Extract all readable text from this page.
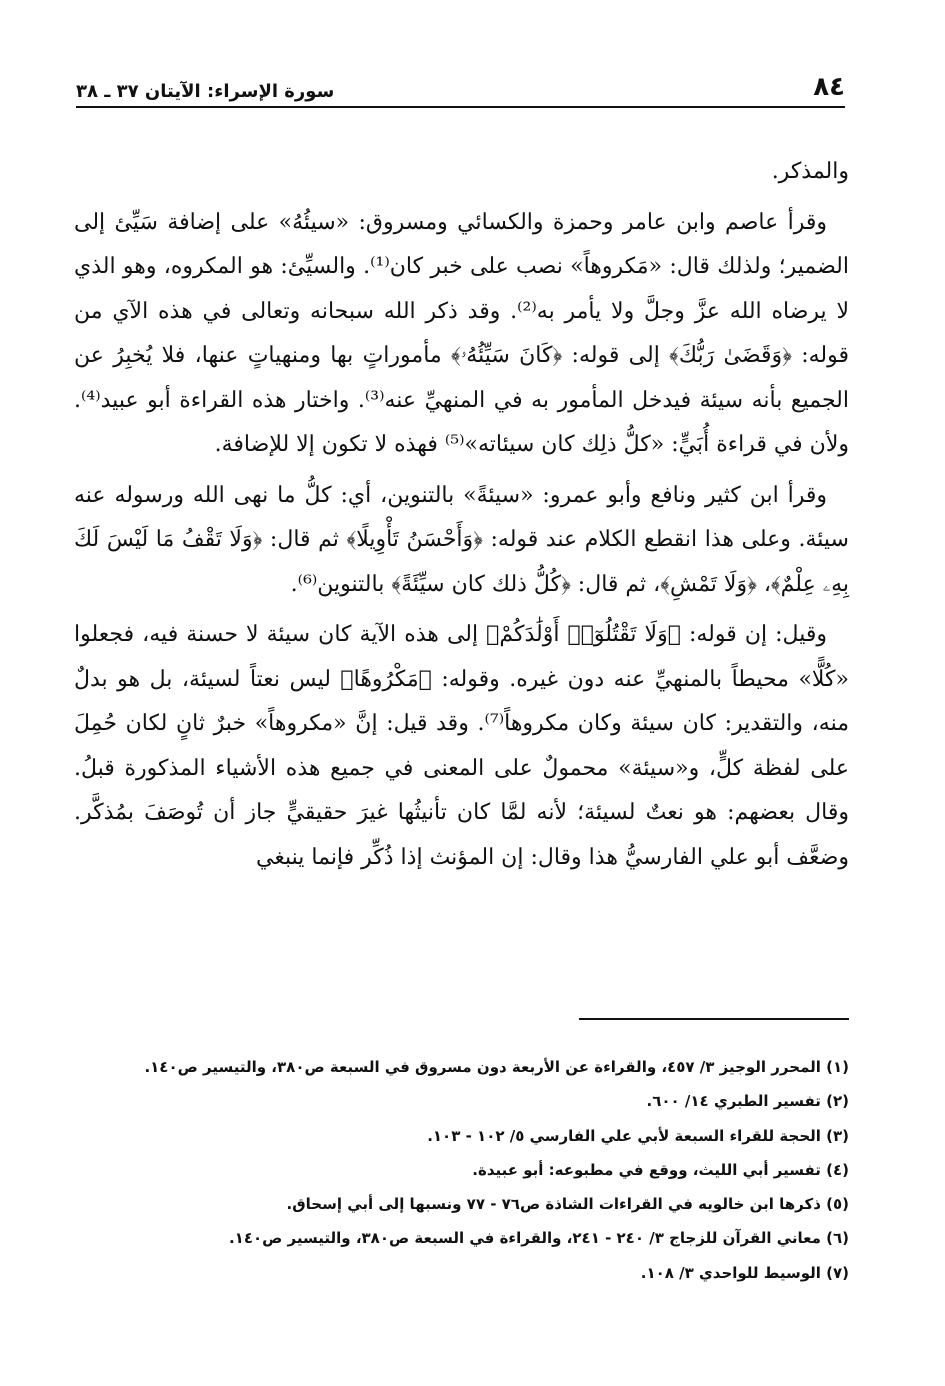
٨٤
سورة الإسراء: الآيتان ٣٧ ـ ٣٨

والمذكر.

وقرأ عاصم وابن عامر وحمزة والكسائي ومسروق: «سيئُهُ» على إضافة سَيِّئ إلى الضمير؛ ولذلك قال: «مَكروهاً» نصب على خبر كان⁽¹⁾. والسيِّئ: هو المكروه، وهو الذي لا يرضاه الله عزَّ وجلَّ ولا يأمر به⁽²⁾. وقد ذكر الله سبحانه وتعالى في هذه الآي من قوله: ﴿وَقَضَىٰ رَبُّكَ﴾ إلى قوله: ﴿كَانَ سَيِّئُهُۥ﴾ مأموراتٍ بها ومنهياتٍ عنها، فلا يُخبِرُ عن الجميع بأنه سيئة فيدخل المأمور به في المنهيِّ عنه⁽³⁾. واختار هذه القراءة أبو عبيد⁽⁴⁾. ولأن في قراءة أُبَيٍّ: «كلُّ ذلِك كان سيئاته»⁽⁵⁾ فهذه لا تكون إلا للإضافة.

وقرأ ابن كثير ونافع وأبو عمرو: «سيئةً» بالتنوين، أي: كلُّ ما نهى الله ورسوله عنه سيئة. وعلى هذا انقطع الكلام عند قوله: ﴿وَأَحْسَنُ تَأْوِيلًا﴾ ثم قال: ﴿وَلَا تَقْفُ مَا لَيْسَ لَكَ بِهِۦ عِلْمٌ﴾، ﴿وَلَا تَمْشِ﴾، ثم قال: ﴿كُلُّ ذلك كان سيِّئَةً﴾ بالتنوين⁽⁶⁾.

وقيل: إن قوله: ﴿وَلَا تَقْتُلُوٓا۟ أَوْلَٰدَكُمْ﴾ إلى هذه الآية كان سيئة لا حسنة فيه، فجعلوا «كُلًّا» محيطاً بالمنهيِّ عنه دون غيره. وقوله: ﴿مَكْرُوهًا﴾ ليس نعتاً لسيئة، بل هو بدلٌ منه، والتقدير: كان سيئة وكان مكروهاً⁽⁷⁾. وقد قيل: إنَّ «مكروهاً» خبرٌ ثانٍ لكان حُمِلَ على لفظة كلٍّ، و«سيئة» محمولٌ على المعنى في جميع هذه الأشياء المذكورة قبلُ. وقال بعضهم: هو نعتٌ لسيئة؛ لأنه لمَّا كان تأنيثُها غيرَ حقيقيٍّ جاز أن تُوصَفَ بمُذكَّر. وضعَّف أبو علي الفارسيُّ هذا وقال: إن المؤنث إذا ذُكِّر فإنما ينبغي

(١) المحرر الوجيز ٣/ ٤٥٧، والقراءة عن الأربعة دون مسروق في السبعة ص٣٨٠، والتيسير ص١٤٠.
(٢) تفسير الطبري ١٤/ ٦٠٠.
(٣) الحجة للقراء السبعة لأبي علي الفارسي ٥/ ١٠٢ - ١٠٣.
(٤) تفسير أبي الليث، ووقع في مطبوعه: أبو عبيدة.
(٥) ذكرها ابن خالويه في القراءات الشاذة ص٧٦ - ٧٧ ونسبها إلى أبي إسحاق.
(٦) معاني القرآن للزجاج ٣/ ٢٤٠ - ٢٤١، والقراءة في السبعة ص٣٨٠، والتيسير ص١٤٠.
(٧) الوسيط للواحدي ٣/ ١٠٨.
